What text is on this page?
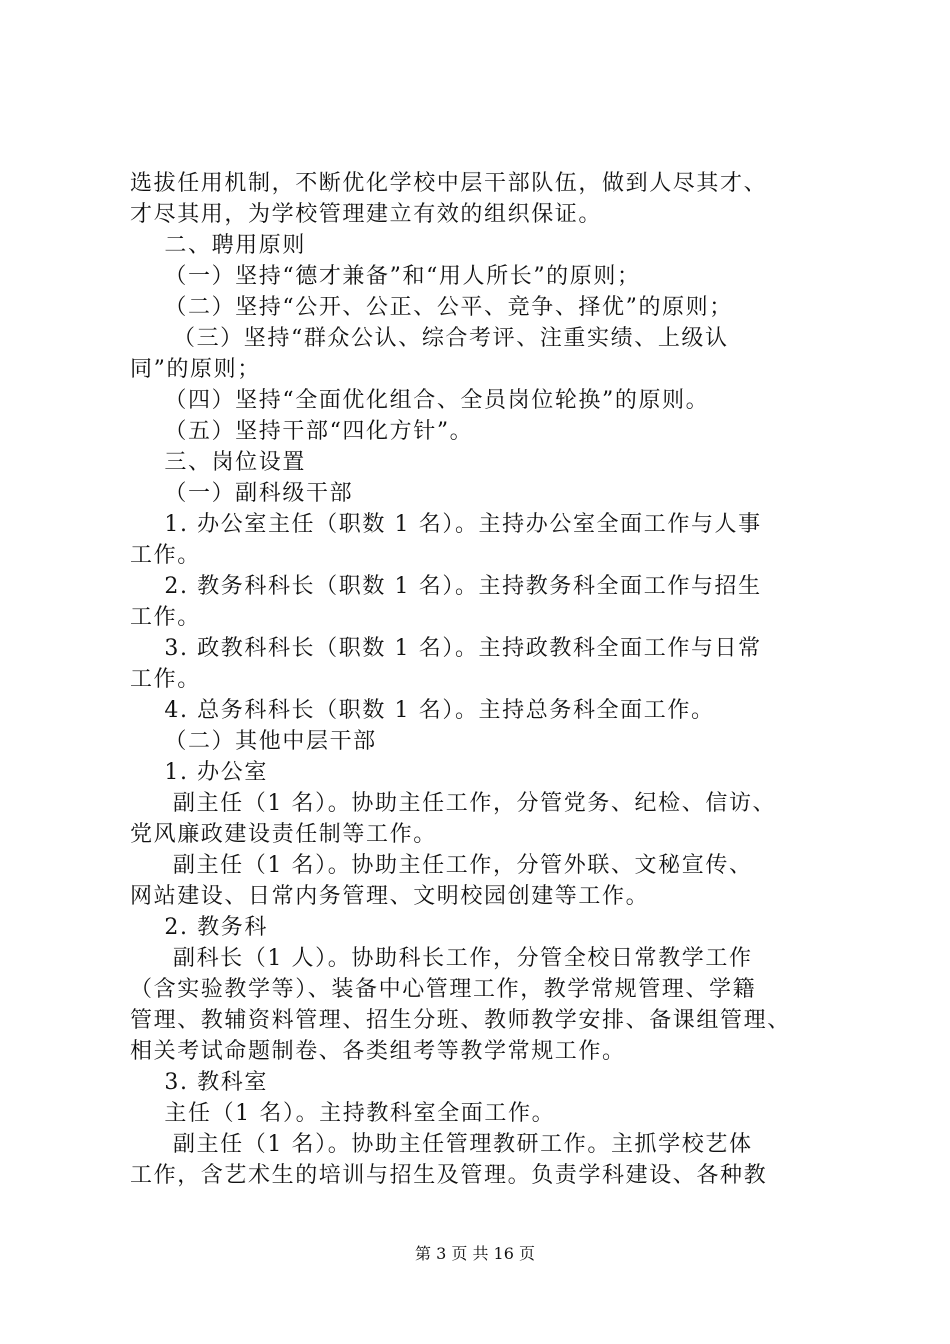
选拔任用机制，不断优化学校中层干部队伍，做到人尽其才、
才尽其用，为学校管理建立有效的组织保证。
二、聘用原则
（一）坚持“德才兼备”和“用人所长”的原则；
（二）坚持“公开、公正、公平、竞争、择优”的原则；
（三）坚持“群众公认、综合考评、注重实绩、上级认
同”的原则；
（四）坚持“全面优化组合、全员岗位轮换”的原则。
（五）坚持干部“四化方针”。
三、岗位设置
（一）副科级干部
1. 办公室主任（职数 1 名）。主持办公室全面工作与人事
工作。
2. 教务科科长（职数 1 名）。主持教务科全面工作与招生
工作。
3. 政教科科长（职数 1 名）。主持政教科全面工作与日常
工作。
4. 总务科科长（职数 1 名）。主持总务科全面工作。
（二）其他中层干部
1. 办公室
副主任（1 名）。协助主任工作，分管党务、纪检、信访、
党风廉政建设责任制等工作。
副主任（1 名）。协助主任工作，分管外联、文秘宣传、
网站建设、日常内务管理、文明校园创建等工作。
2. 教务科
副科长（1 人）。协助科长工作，分管全校日常教学工作
（含实验教学等）、装备中心管理工作，教学常规管理、学籍
管理、教辅资料管理、招生分班、教师教学安排、备课组管理、
相关考试命题制卷、各类组考等教学常规工作。
3. 教科室
主任（1 名）。主持教科室全面工作。
副主任（1 名）。协助主任管理教研工作。主抓学校艺体
工作，含艺术生的培训与招生及管理。负责学科建设、各种教
第 3 页 共 16 页
